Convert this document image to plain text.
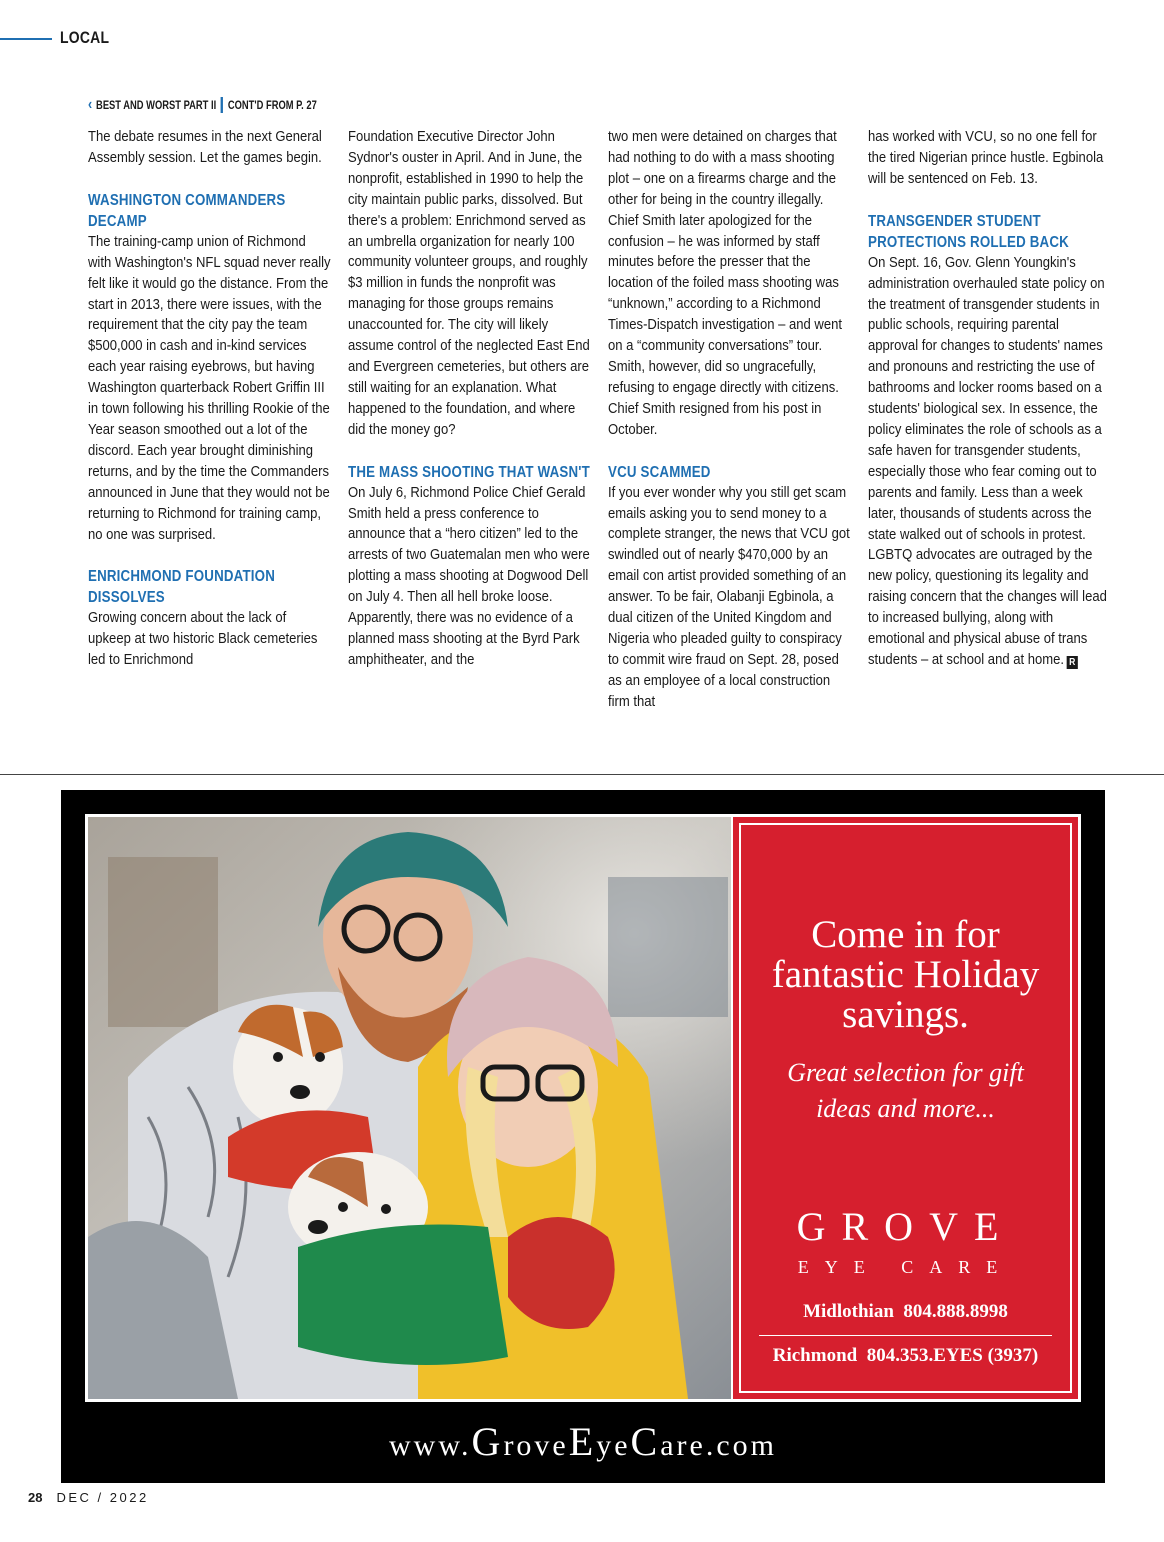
LOCAL
‹ BEST AND WORST PART II CONT'D FROM P. 27

The debate resumes in the next General Assembly session. Let the games begin.

WASHINGTON COMMANDERS DECAMP

The training-camp union of Richmond with Washington's NFL squad never really felt like it would go the distance. From the start in 2013, there were issues, with the requirement that the city pay the team $500,000 in cash and in-kind services each year raising eyebrows, but having Washington quarterback Robert Griffin III in town following his thrilling Rookie of the Year season smoothed out a lot of the discord. Each year brought diminishing returns, and by the time the Commanders announced in June that they would not be returning to Richmond for training camp, no one was surprised.

ENRICHMOND FOUNDATION DISSOLVES

Growing concern about the lack of upkeep at two historic Black cemeteries led to Enrichmond

Foundation Executive Director John Sydnor's ouster in April. And in June, the nonprofit, established in 1990 to help the city maintain public parks, dissolved. But there's a problem: Enrichmond served as an umbrella organization for nearly 100 community volunteer groups, and roughly $3 million in funds the nonprofit was managing for those groups remains unaccounted for. The city will likely assume control of the neglected East End and Evergreen cemeteries, but others are still waiting for an explanation. What happened to the foundation, and where did the money go?

THE MASS SHOOTING THAT WASN'T

On July 6, Richmond Police Chief Gerald Smith held a press conference to announce that a “hero citizen” led to the arrests of two Guatemalan men who were plotting a mass shooting at Dogwood Dell on July 4. Then all hell broke loose. Apparently, there was no evidence of a planned mass shooting at the Byrd Park amphitheater, and the

two men were detained on charges that had nothing to do with a mass shooting plot – one on a firearms charge and the other for being in the country illegally. Chief Smith later apologized for the confusion – he was informed by staff minutes before the presser that the location of the foiled mass shooting was “unknown,” according to a Richmond Times-Dispatch investigation – and went on a “community conversations” tour. Smith, however, did so ungracefully, refusing to engage directly with citizens. Chief Smith resigned from his post in October.

VCU SCAMMED

If you ever wonder why you still get scam emails asking you to send money to a complete stranger, the news that VCU got swindled out of nearly $470,000 by an email con artist provided something of an answer. To be fair, Olabanji Egbinola, a dual citizen of the United Kingdom and Nigeria who pleaded guilty to conspiracy to commit wire fraud on Sept. 28, posed as an employee of a local construction firm that

has worked with VCU, so no one fell for the tired Nigerian prince hustle. Egbinola will be sentenced on Feb. 13.

TRANSGENDER STUDENT PROTECTIONS ROLLED BACK

On Sept. 16, Gov. Glenn Youngkin's administration overhauled state policy on the treatment of transgender students in public schools, requiring parental approval for changes to students' names and pronouns and restricting the use of bathrooms and locker rooms based on a students' biological sex. In essence, the policy eliminates the role of schools as a safe haven for transgender students, especially those who fear coming out to parents and family. Less than a week later, thousands of students across the state walked out of schools in protest. LGBTQ advocates are outraged by the new policy, questioning its legality and raising concern that the changes will lead to increased bullying, along with emotional and physical abuse of trans students – at school and at home. R

Come in for fantastic Holiday savings.
Great selection for gift ideas and more...
GROVE
EYE CARE
Midlothian  804.888.8998
Richmond  804.353.EYES (3937)
www.GroveEyeCare.com
28 DEC / 2022
